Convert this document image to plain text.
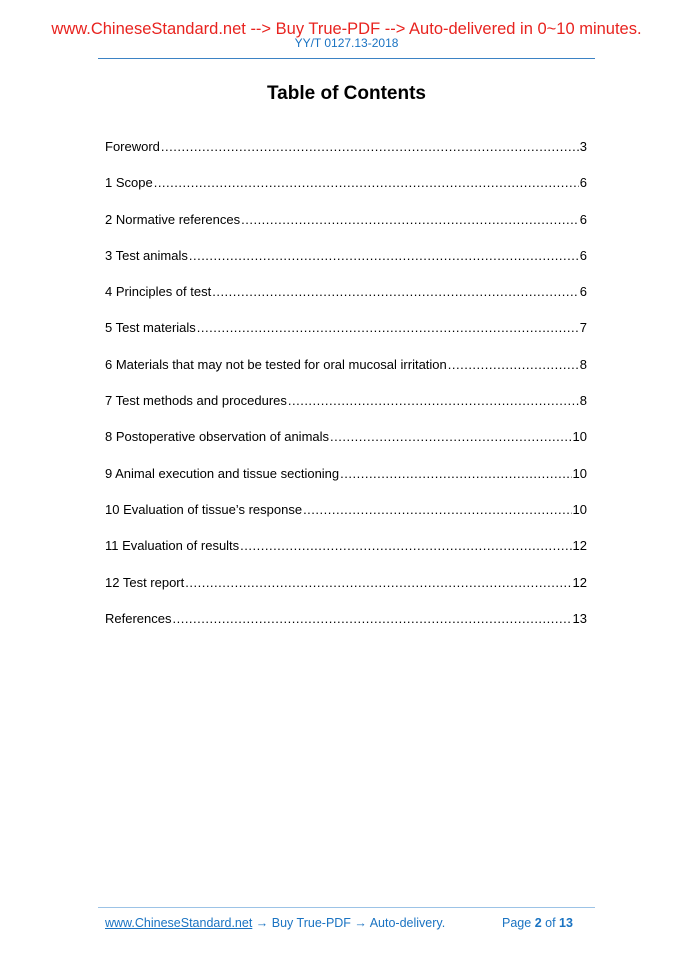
www.ChineseStandard.net --> Buy True-PDF --> Auto-delivered in 0~10 minutes.
YY/T 0127.13-2018
Table of Contents
Foreword .....	3
1 Scope .....	6
2 Normative references .....	6
3 Test animals .....	6
4 Principles of test .....	6
5 Test materials .....	7
6 Materials that may not be tested for oral mucosal irritation .....	8
7 Test methods and procedures .....	8
8 Postoperative observation of animals .....	10
9 Animal execution and tissue sectioning .....	10
10 Evaluation of tissue’s response .....	10
11 Evaluation of results .....	12
12 Test report .....	12
References .....	13
www.ChineseStandard.net → Buy True-PDF → Auto-delivery.	Page 2 of 13
